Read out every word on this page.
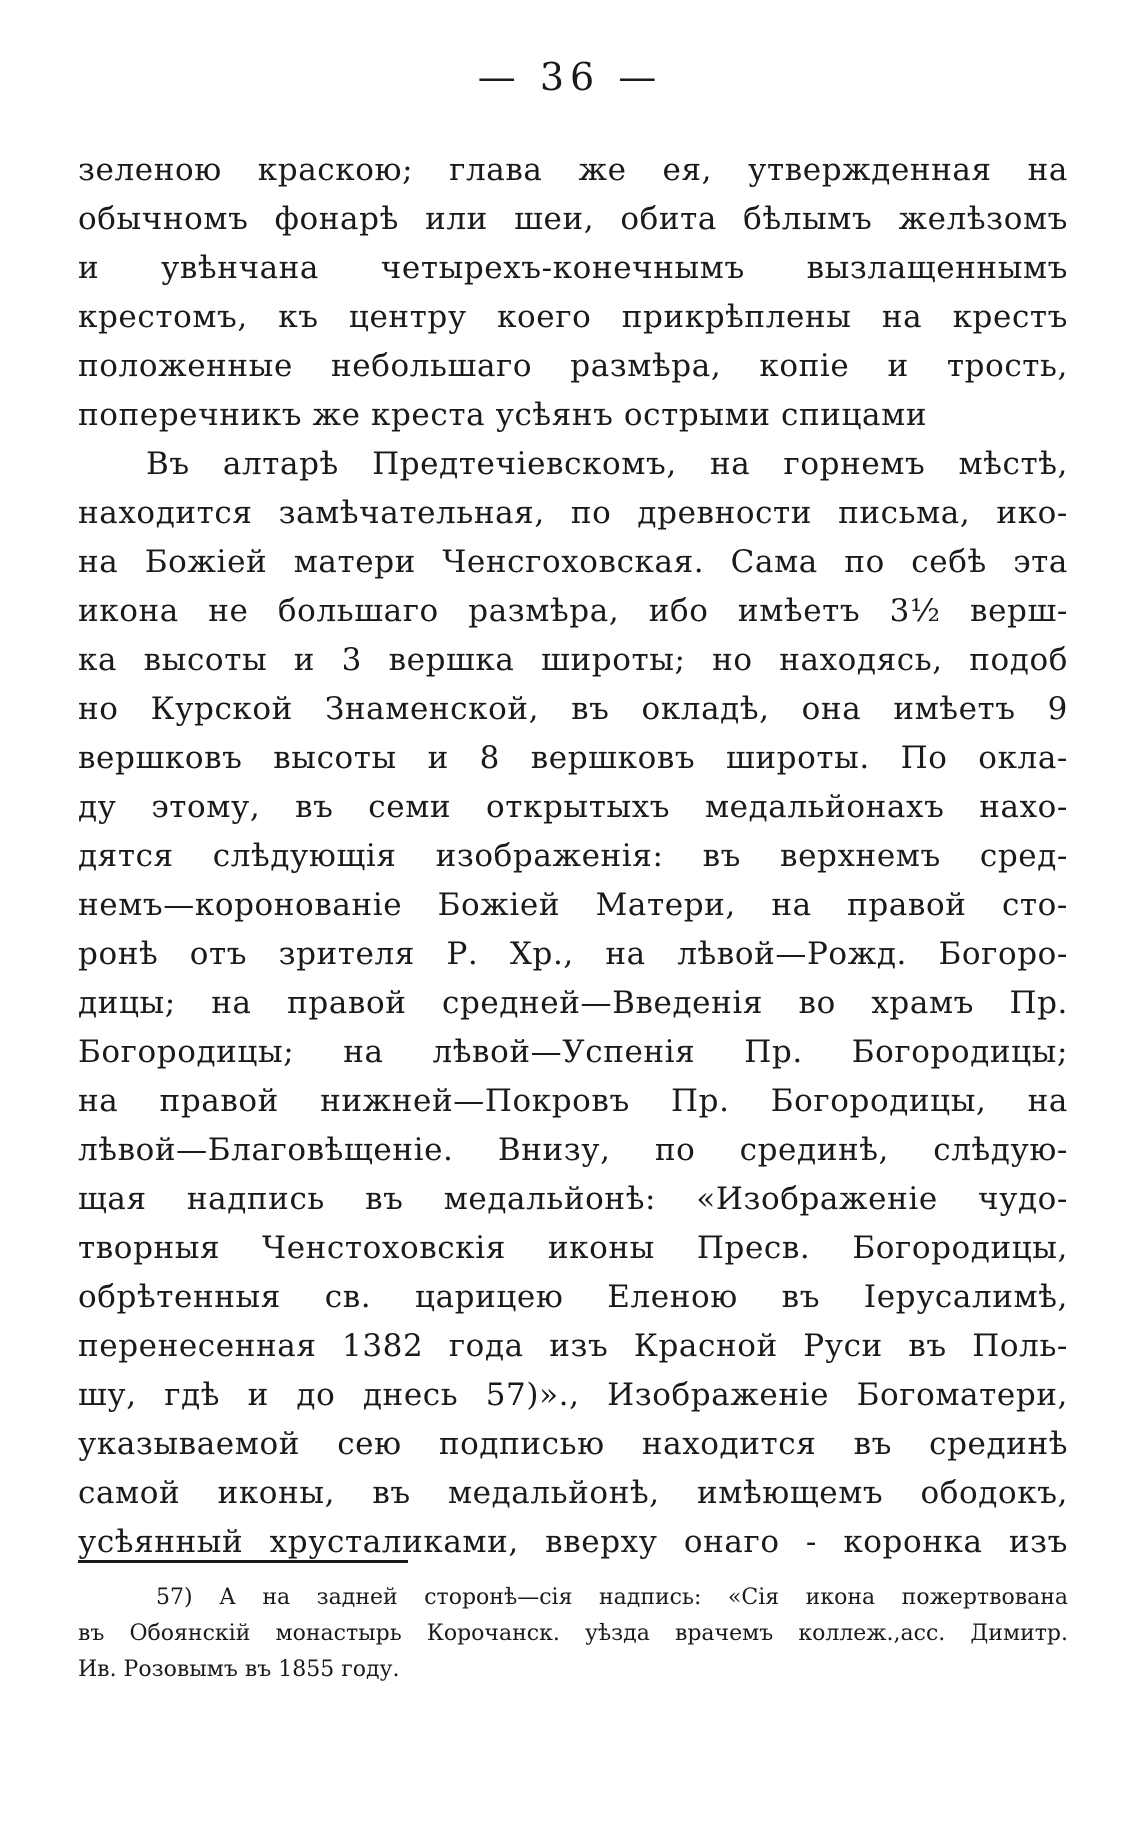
— 36 —
зеленою краскою; глава же ея, утвержденная на
обычномъ фонарѣ или шеи, обита бѣлымъ желѣзомъ
и увѣнчана четырехъ-конечнымъ вызлащеннымъ
крестомъ, къ центру коего прикрѣплены на крестъ
положенные небольшаго размѣра, копіе и трость,
поперечникъ же креста усѣянъ острыми спицами
Въ алтарѣ Предтечіевскомъ, на горнемъ мѣстѣ,
находится замѣчательная, по древности письма, ико-
на Божіей матери Ченсгоховская. Сама по себѣ эта
икона не большаго размѣра, ибо имѣетъ 3½ верш-
ка высоты и 3 вершка широты; но находясь, подоб
но Курской Знаменской, въ окладѣ, она имѣетъ 9
вершковъ высоты и 8 вершковъ широты. По окла-
ду этому, въ семи открытыхъ медальйонахъ нахо-
дятся слѣдующія изображенія: въ верхнемъ сред-
немъ—коронованіе Божіей Матери, на правой сто-
ронѣ отъ зрителя Р. Хр., на лѣвой—Рожд. Богоро-
дицы; на правой средней—Введенія во храмъ Пр.
Богородицы; на лѣвой—Успенія Пр. Богородицы;
на правой нижней—Покровъ Пр. Богородицы, на
лѣвой—Благовѣщеніе. Внизу, по срединѣ, слѣдую-
щая надпись въ медальйонѣ: «Изображеніе чудо-
творныя Ченстоховскія иконы Пресв. Богородицы,
обрѣтенныя св. царицею Еленою въ Іерусалимѣ,
перенесенная 1382 года изъ Красной Руси въ Поль-
шу, гдѣ и до днесь 57)»., Изображеніе Богоматери,
указываемой сею подписью находится въ срединѣ
самой иконы, въ медальйонѣ, имѣющемъ ободокъ,
усѣянный хрусталиками, вверху онаго - коронка изъ
57) А на задней сторонѣ—сія надпись: «Сія икона пожертвована
въ Обоянскій монастырь Корочанск. уѣзда врачемъ коллеж.,асс. Димитр.
Ив. Розовымъ въ 1855 году.
